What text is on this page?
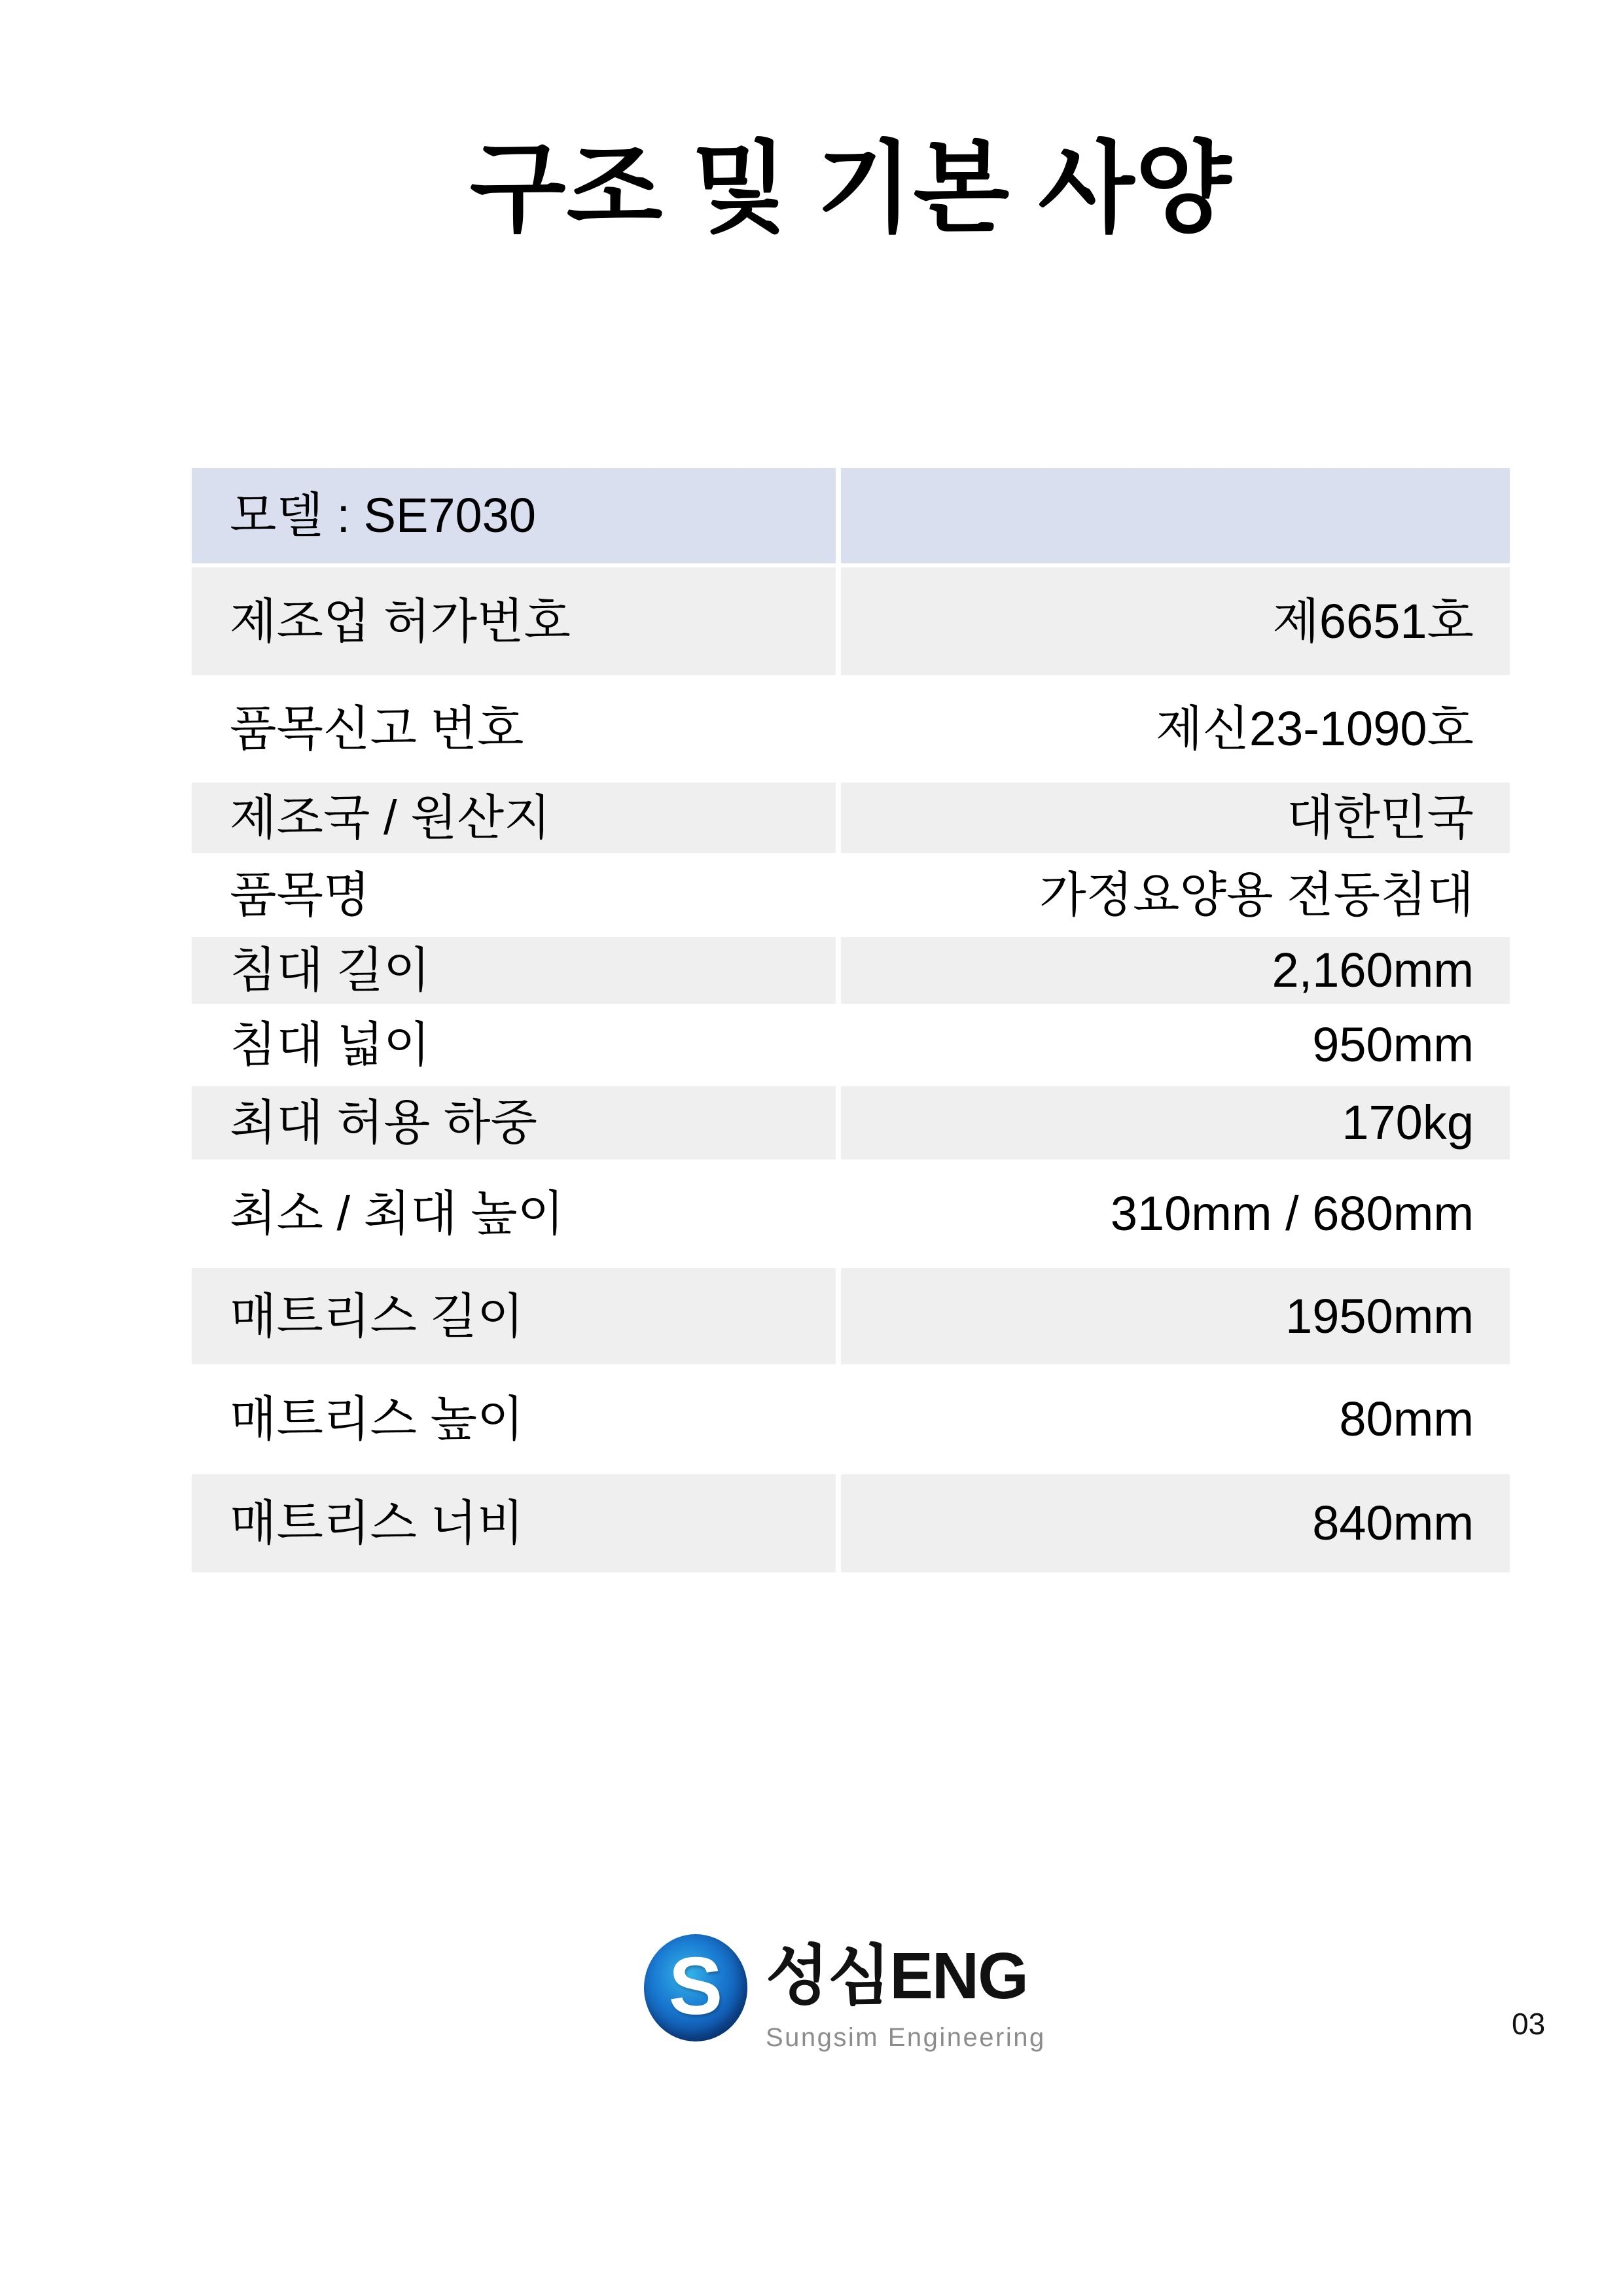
구조 및 기본 사양
모델 : SE7030
제조업 허가번호	제6651호
품목신고 번호	제신23-1090호
제조국 / 원산지	대한민국
품목명	가정요양용 전동침대
침대 길이	2,160mm
침대 넓이	950mm
최대 허용 하중	170kg
최소 / 최대 높이	310mm / 680mm
매트리스 길이	1950mm
매트리스 높이	80mm
매트리스 너비	840mm
S 성심ENG
Sungsim Engineering	03
